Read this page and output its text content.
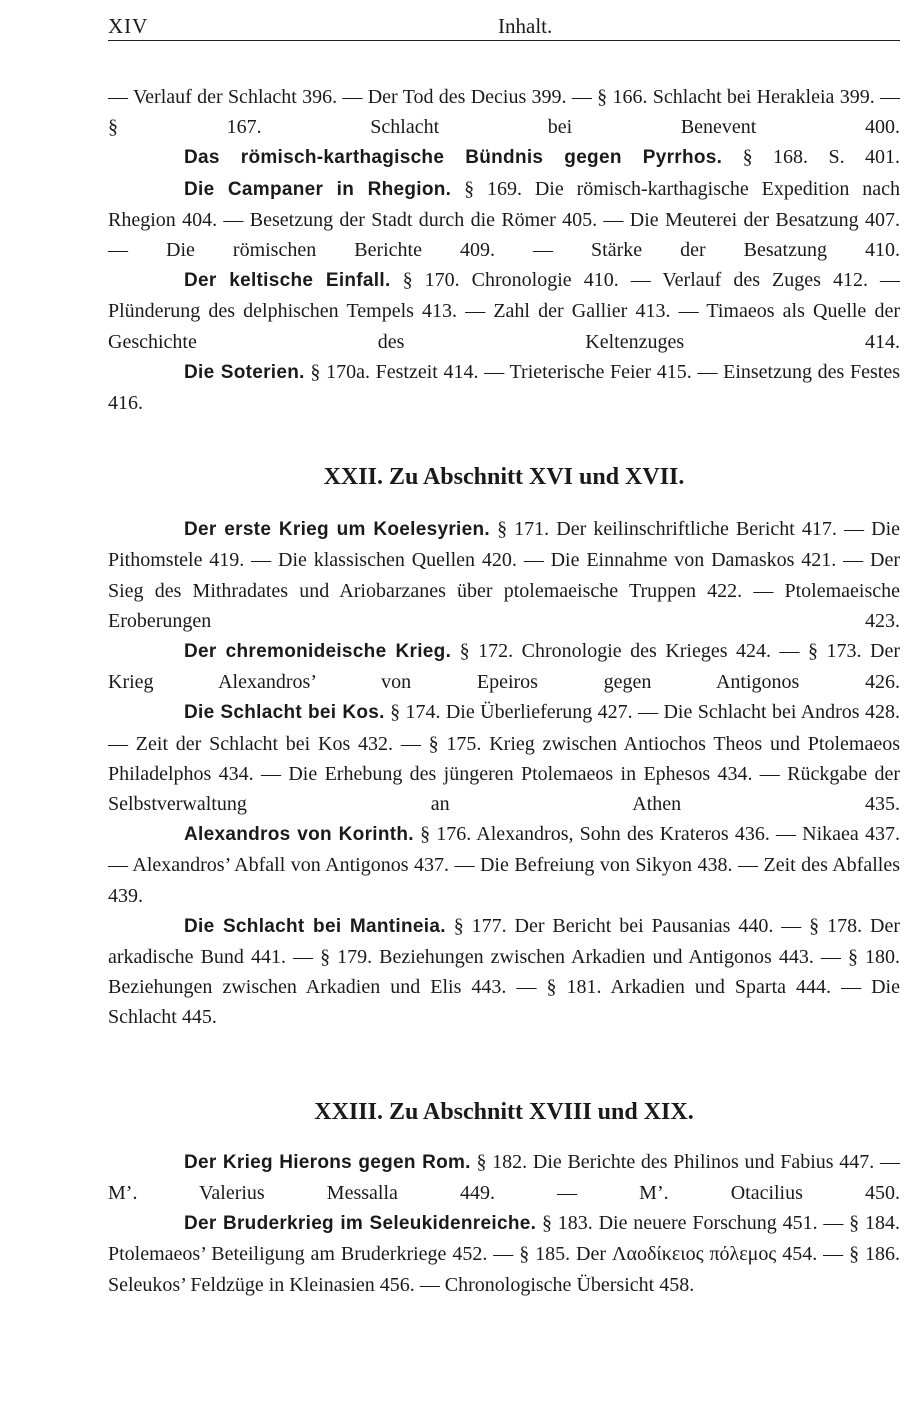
XIV	Inhalt.

— Verlauf der Schlacht 396. — Der Tod des Decius 399. — § 166. Schlacht bei Herakleia 399. — § 167. Schlacht bei Benevent 400.

Das römisch-karthagische Bündnis gegen Pyrrhos. § 168. S. 401.

Die Campaner in Rhegion. § 169. Die römisch-karthagische Expedition nach Rhegion 404. — Besetzung der Stadt durch die Römer 405. — Die Meuterei der Besatzung 407. — Die römischen Berichte 409. — Stärke der Besatzung 410.

Der keltische Einfall. § 170. Chronologie 410. — Verlauf des Zuges 412. — Plünderung des delphischen Tempels 413. — Zahl der Gallier 413. — Timaeos als Quelle der Geschichte des Keltenzuges 414.

Die Soterien. § 170a. Festzeit 414. — Trieterische Feier 415. — Einsetzung des Festes 416.

XXII. Zu Abschnitt XVI und XVII.

Der erste Krieg um Koelesyrien. § 171. Der keilinschriftliche Bericht 417. — Die Pithomstele 419. — Die klassischen Quellen 420. — Die Einnahme von Damaskos 421. — Der Sieg des Mithradates und Ariobarzanes über ptolemaeische Truppen 422. — Ptolemaeische Eroberungen 423.

Der chremonideische Krieg. § 172. Chronologie des Krieges 424. — § 173. Der Krieg Alexandros’ von Epeiros gegen Antigonos 426.

Die Schlacht bei Kos. § 174. Die Überlieferung 427. — Die Schlacht bei Andros 428. — Zeit der Schlacht bei Kos 432. — § 175. Krieg zwischen Antiochos Theos und Ptolemaeos Philadelphos 434. — Die Erhebung des jüngeren Ptolemaeos in Ephesos 434. — Rückgabe der Selbstverwaltung an Athen 435.

Alexandros von Korinth. § 176. Alexandros, Sohn des Krateros 436. — Nikaea 437. — Alexandros’ Abfall von Antigonos 437. — Die Befreiung von Sikyon 438. — Zeit des Abfalles 439.

Die Schlacht bei Mantineia. § 177. Der Bericht bei Pausanias 440. — § 178. Der arkadische Bund 441. — § 179. Beziehungen zwischen Arkadien und Antigonos 443. — § 180. Beziehungen zwischen Arkadien und Elis 443. — § 181. Arkadien und Sparta 444. — Die Schlacht 445.

XXIII. Zu Abschnitt XVIII und XIX.

Der Krieg Hierons gegen Rom. § 182. Die Berichte des Philinos und Fabius 447. — M’. Valerius Messalla 449. — M’. Otacilius 450.

Der Bruderkrieg im Seleukidenreiche. § 183. Die neuere Forschung 451. — § 184. Ptolemaeos’ Beteiligung am Bruderkriege 452. — § 185. Der Λαοδίκειος πόλεμος 454. — § 186. Seleukos’ Feldzüge in Kleinasien 456. — Chronologische Übersicht 458.
